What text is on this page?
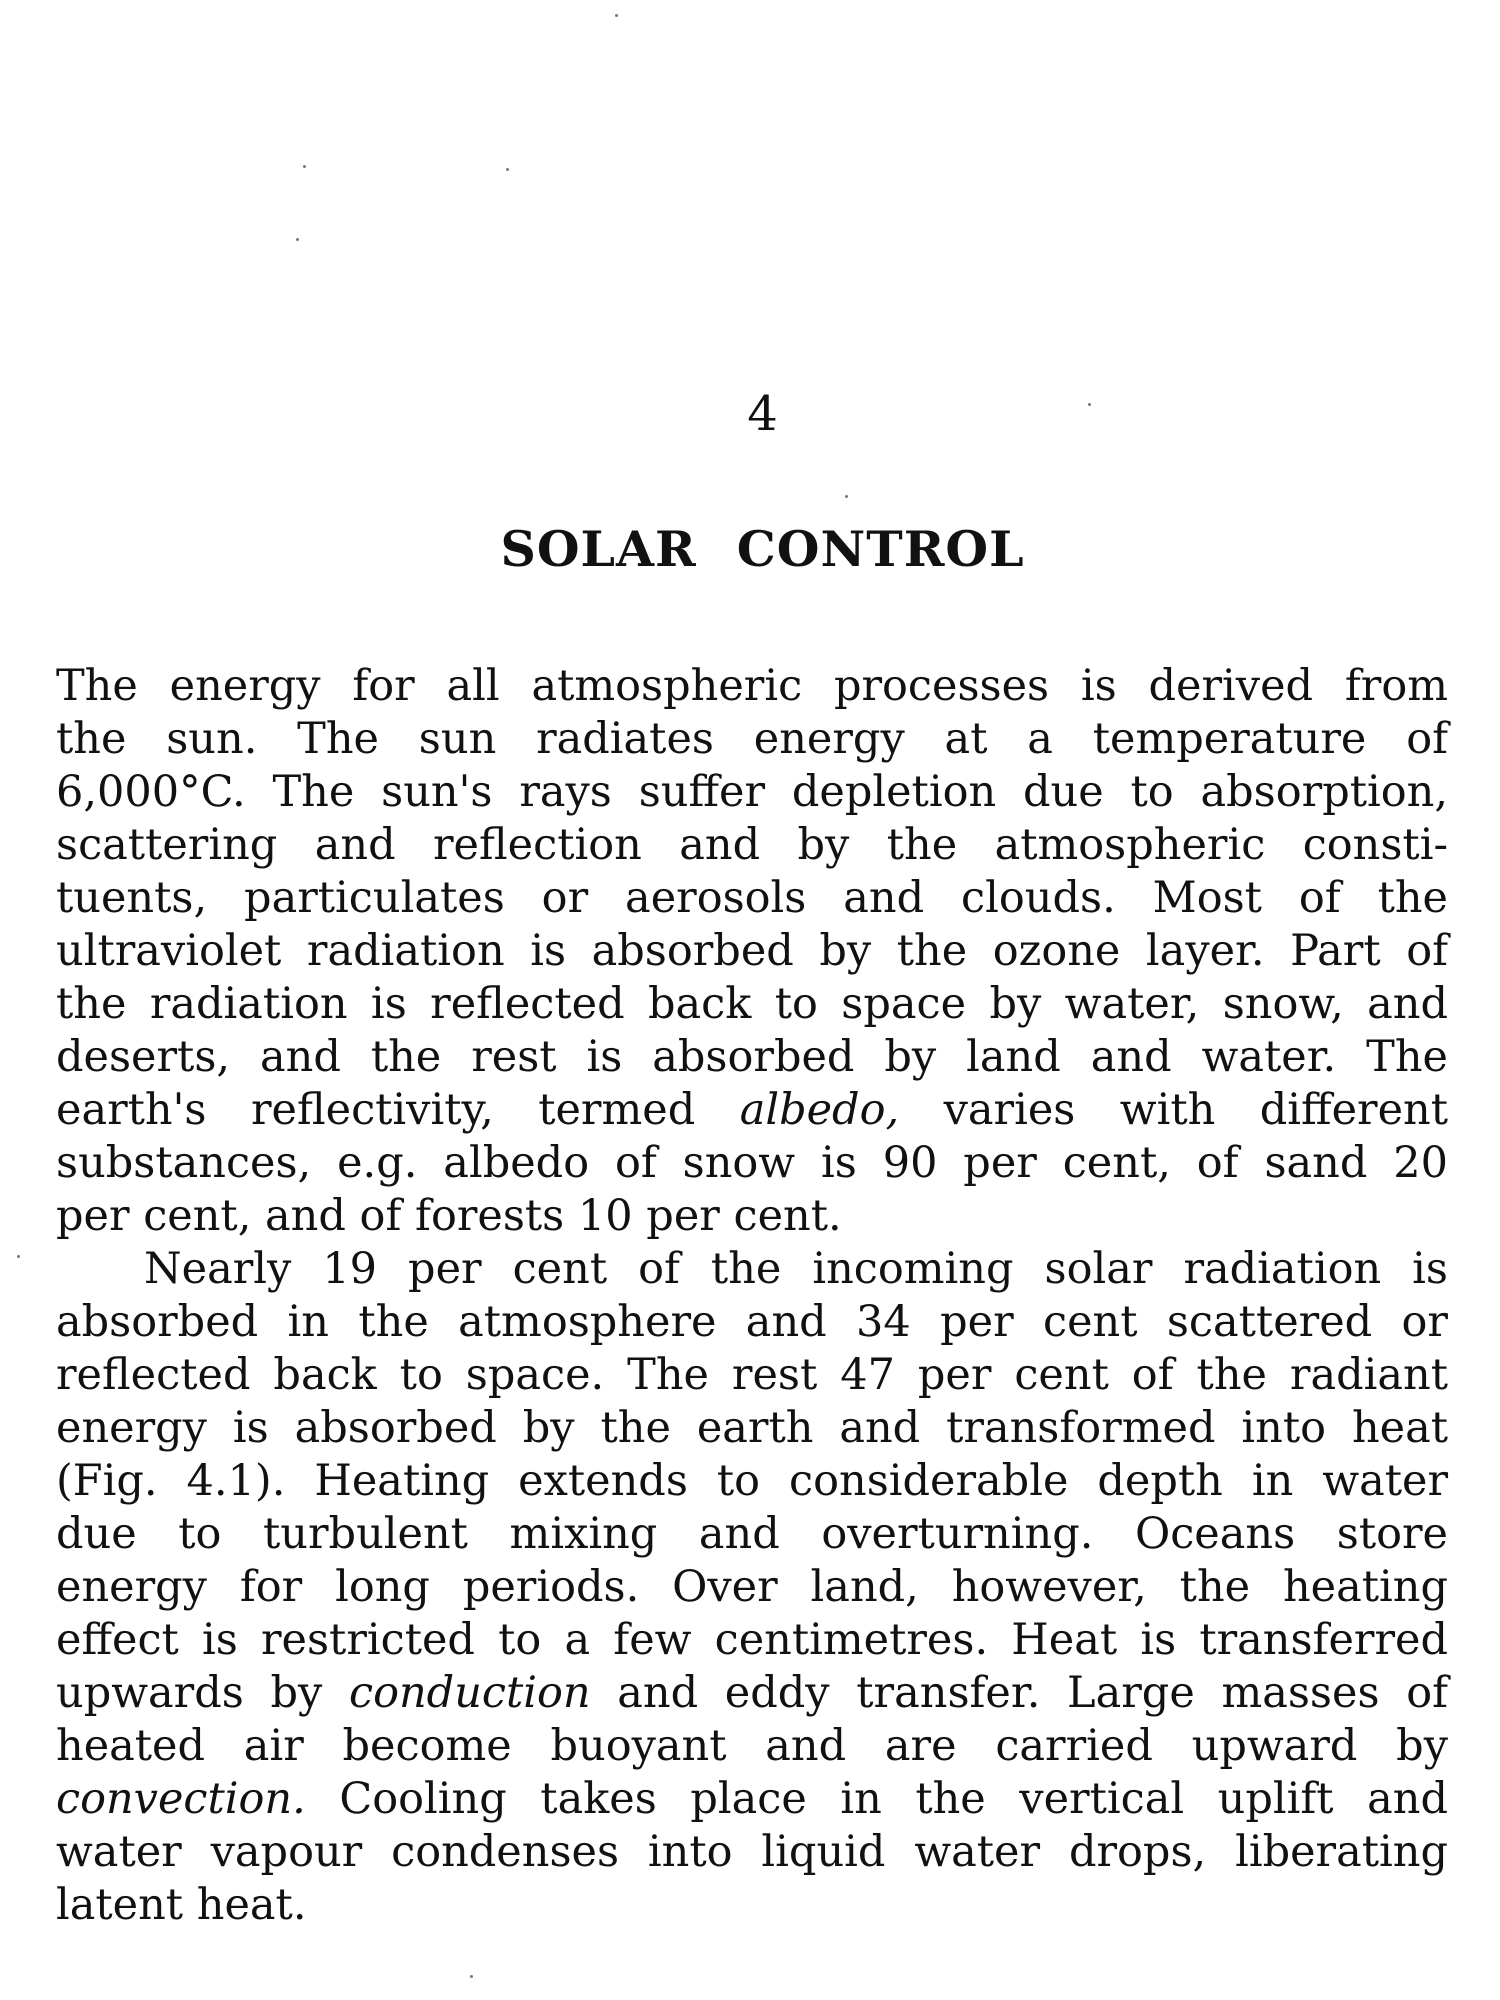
4
SOLAR CONTROL
The energy for all atmospheric processes is derived from
the sun. The sun radiates energy at a temperature of
6,000°C. The sun's rays suffer depletion due to absorption,
scattering and reflection and by the atmospheric consti-
tuents, particulates or aerosols and clouds. Most of the
ultraviolet radiation is absorbed by the ozone layer. Part of
the radiation is reflected back to space by water, snow, and
deserts, and the rest is absorbed by land and water. The
earth's reflectivity, termed albedo, varies with different
substances, e.g. albedo of snow is 90 per cent, of sand 20
per cent, and of forests 10 per cent.
Nearly 19 per cent of the incoming solar radiation is
absorbed in the atmosphere and 34 per cent scattered or
reflected back to space. The rest 47 per cent of the radiant
energy is absorbed by the earth and transformed into heat
(Fig. 4.1). Heating extends to considerable depth in water
due to turbulent mixing and overturning. Oceans store
energy for long periods. Over land, however, the heating
effect is restricted to a few centimetres. Heat is transferred
upwards by conduction and eddy transfer. Large masses of
heated air become buoyant and are carried upward by
convection. Cooling takes place in the vertical uplift and
water vapour condenses into liquid water drops, liberating
latent heat.
